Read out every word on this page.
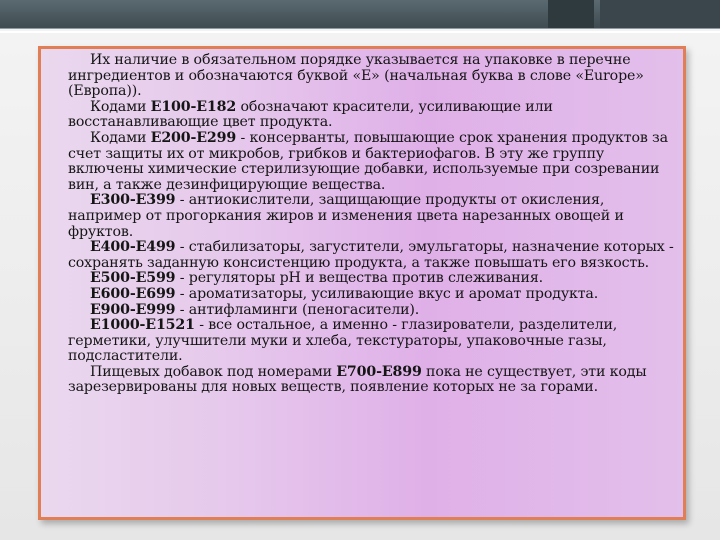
Их наличие в обязательном порядке указывается на упаковке в перечне ингредиентов и обозначаются буквой «Е» (начальная буква в слове «Europe» (Европа)).

Кодами Е100-Е182 обозначают красители, усиливающие или восстанавливающие цвет продукта.

Кодами Е200-Е299 - консерванты, повышающие срок хранения продуктов за счет защиты их от микробов, грибков и бактериофагов. В эту же группу включены химические стерилизующие добавки, используемые при созревании вин, а также дезинфицирующие вещества.

Е300-Е399 - антиокислители, защищающие продукты от окисления, например от прогоркания жиров и изменения цвета нарезанных овощей и фруктов.

Е400-Е499 - стабилизаторы, загустители, эмульгаторы, назначение которых - сохранять заданную консистенцию продукта, а также повышать его вязкость.

Е500-Е599 - регуляторы рН и вещества против слеживания.

Е600-Е699 - ароматизаторы, усиливающие вкус и аромат продукта.

Е900-Е999 - антифламинги (пеногасители).

Е1000-Е1521 - все остальное, а именно - глазирователи, разделители, герметики, улучшители муки и хлеба, текстураторы, упаковочные газы, подсластители.

Пищевых добавок под номерами Е700-Е899 пока не существует, эти коды зарезервированы для новых веществ, появление которых не за горами.
